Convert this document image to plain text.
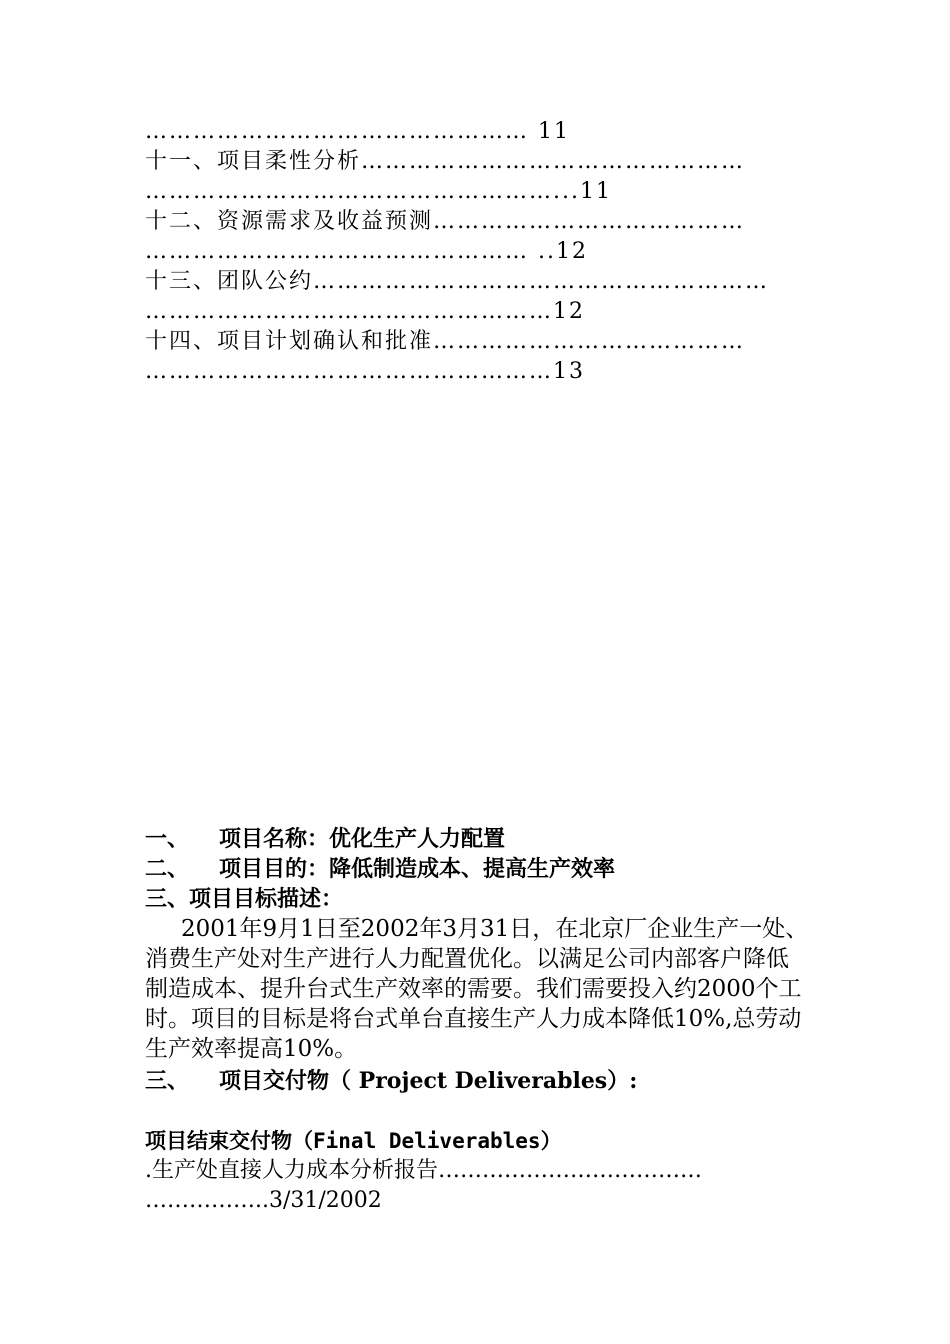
………………………………………… 11
十一、项目柔性分析…………………………………………
……………………………………………...11
十二、资源需求及收益预测…………………………………
………………………………………… ..12
十三、团队公约…………………………………………………
……………………………………………12
十四、项目计划确认和批准…………………………………
……………………………………………13
一、 项目名称：优化生产人力配置
二、 项目目的：降低制造成本、提高生产效率
三、项目目标描述：
2001年9月1日至2002年3月31日，在北京厂企业生产一处、消费生产处对生产进行人力配置优化。以满足公司内部客户降低制造成本、提升台式生产效率的需要。我们需要投入约2000个工时。项目的目标是将台式单台直接生产人力成本降低10%,总劳动生产效率提高10%。
三、 项目交付物（ Project Deliverables）:
项目结束交付物（Final Deliverables）
.生产处直接人力成本分析报告………………………………
……………..3/31/2002
